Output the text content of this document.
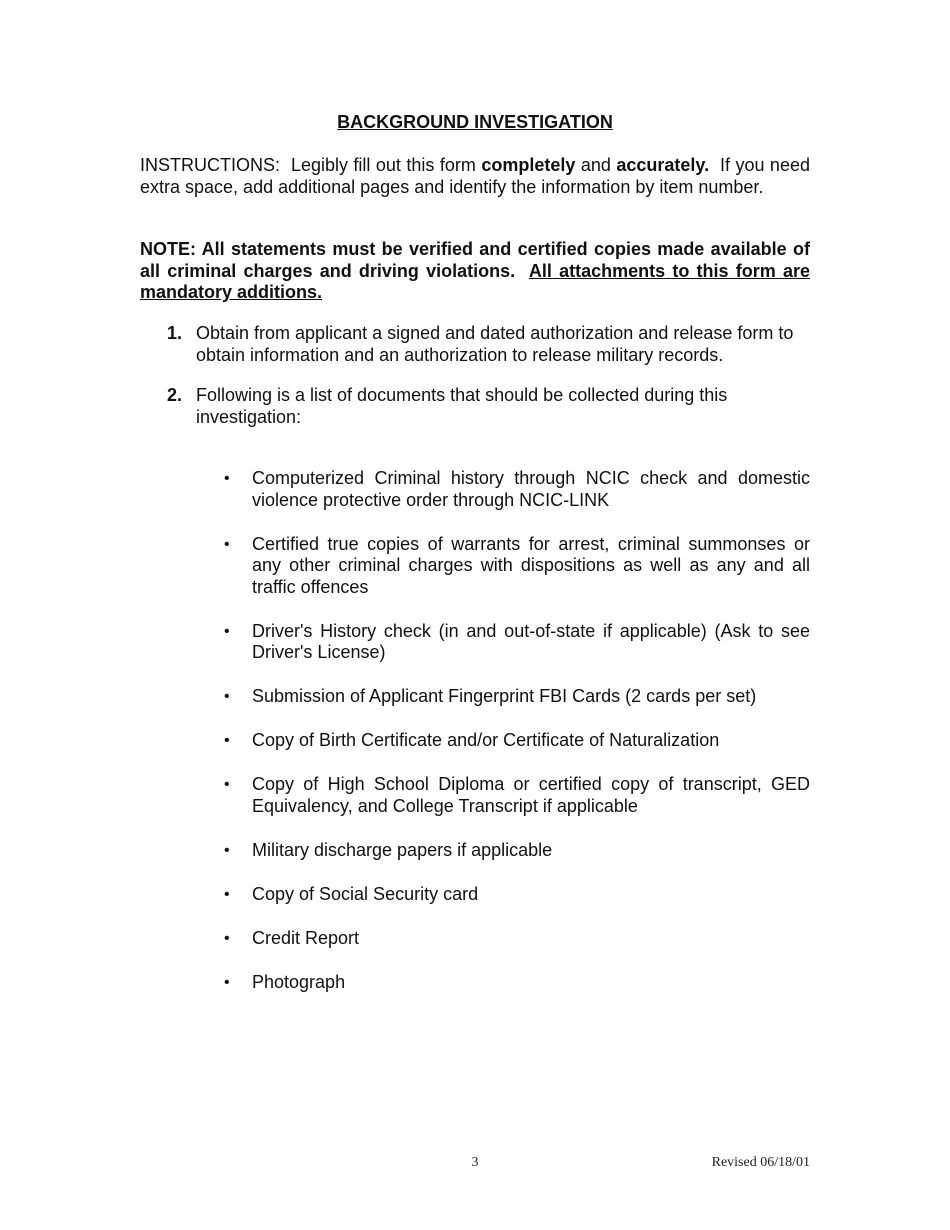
BACKGROUND INVESTIGATION
INSTRUCTIONS: Legibly fill out this form completely and accurately. If you need extra space, add additional pages and identify the information by item number.
NOTE: All statements must be verified and certified copies made available of all criminal charges and driving violations. All attachments to this form are mandatory additions.
1. Obtain from applicant a signed and dated authorization and release form to obtain information and an authorization to release military records.
2. Following is a list of documents that should be collected during this investigation:
• Computerized Criminal history through NCIC check and domestic violence protective order through NCIC-LINK
• Certified true copies of warrants for arrest, criminal summonses or any other criminal charges with dispositions as well as any and all traffic offences
• Driver's History check (in and out-of-state if applicable) (Ask to see Driver's License)
• Submission of Applicant Fingerprint FBI Cards (2 cards per set)
• Copy of Birth Certificate and/or Certificate of Naturalization
• Copy of High School Diploma or certified copy of transcript, GED Equivalency, and College Transcript if applicable
• Military discharge papers if applicable
• Copy of Social Security card
• Credit Report
• Photograph
3	Revised 06/18/01
